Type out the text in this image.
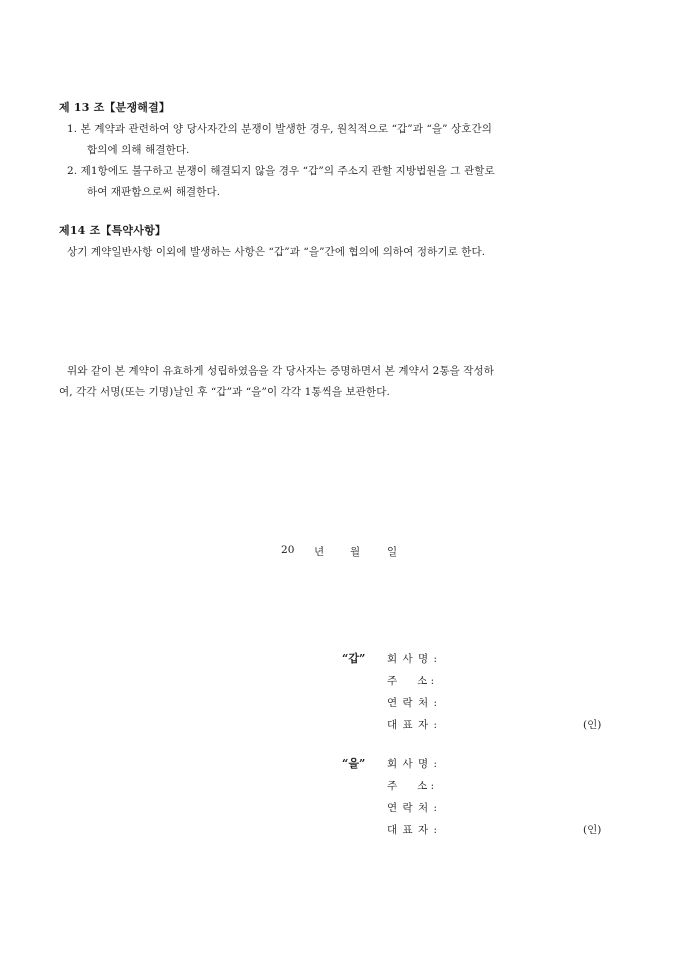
제 13 조【분쟁해결】
1. 본 계약과 관련하여 양 당사자간의 분쟁이 발생한 경우, 원칙적으로 “갑”과 “을” 상호간의
합의에 의해 해결한다.
2. 제1항에도 불구하고 분쟁이 해결되지 않을 경우 “갑”의 주소지 관할 지방법원을 그 관할로
하여 재판함으로써 해결한다.
제14 조【특약사항】
상기 계약일반사항 이외에 발생하는 사항은 “갑”과 “을”간에 협의에 의하여 정하기로 한다.
위와 같이 본 계약이 유효하게 성립하였음을 각 당사자는 증명하면서 본 계약서 2통을 작성하
여, 각각 서명(또는 기명)날인 후 “갑”과 “을”이 각각 1통씩을 보관한다.
20 년 월	일
“갑” 회 사 명 :
주      소 :
연 락 처 :
대 표 자 :	(인)
“을” 회 사 명 :
주      소 :
연 락 처 :
대 표 자 :	(인)
